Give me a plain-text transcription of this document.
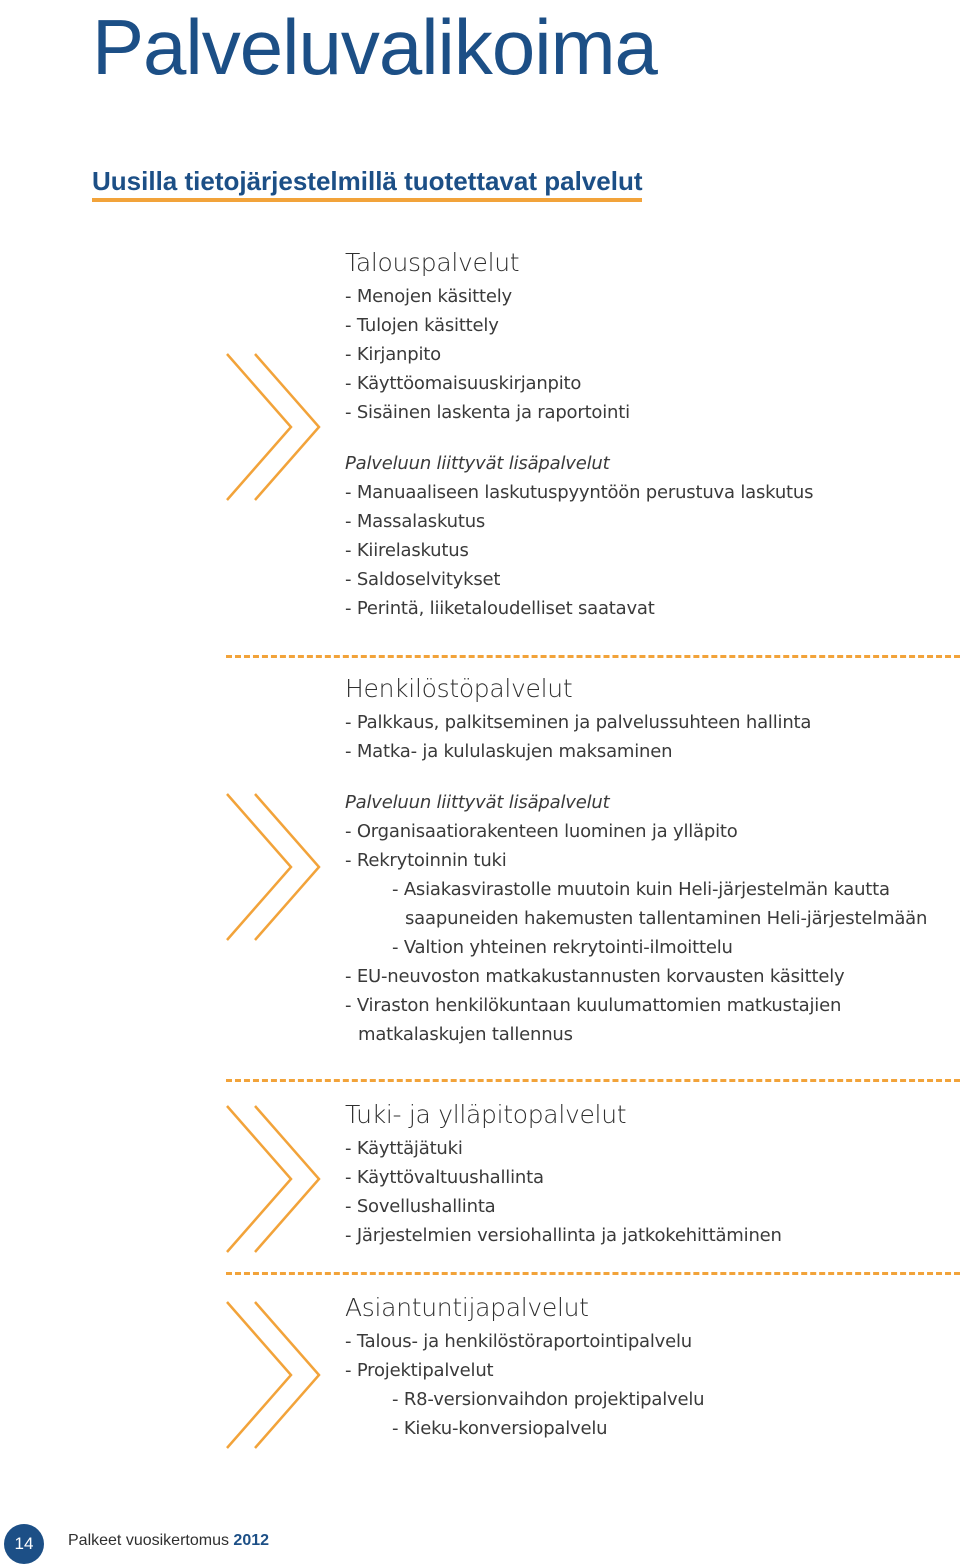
Palveluvalikoima
Uusilla tietojärjestelmillä tuotettavat palvelut
Talouspalvelut
- Menojen käsittely
- Tulojen käsittely
- Kirjanpito
- Käyttöomaisuuskirjanpito
- Sisäinen laskenta ja raportointi
Palveluun liittyvät lisäpalvelut
- Manuaaliseen laskutuspyyntöön perustuva laskutus
- Massalaskutus
- Kiirelaskutus
- Saldoselvitykset
- Perintä, liiketaloudelliset saatavat
Henkilöstöpalvelut
- Palkkaus, palkitseminen ja palvelussuhteen hallinta
- Matka- ja kululaskujen maksaminen
Palveluun liittyvät lisäpalvelut
- Organisaatiorakenteen luominen ja ylläpito
- Rekrytoinnin tuki
- Asiakasvirastolle muutoin kuin Heli-järjestelmän kautta
saapuneiden hakemusten tallentaminen Heli-järjestelmään
- Valtion yhteinen rekrytointi-ilmoittelu
- EU-neuvoston matkakustannusten korvausten käsittely
- Viraston henkilökuntaan kuulumattomien matkustajien
matkalaskujen tallennus
Tuki- ja ylläpitopalvelut
- Käyttäjätuki
- Käyttövaltuushallinta
- Sovellushallinta
- Järjestelmien versiohallinta ja jatkokehittäminen
Asiantuntijapalvelut
- Talous- ja henkilöstöraportointipalvelu
- Projektipalvelut
- R8-versionvaihdon projektipalvelu
- Kieku-konversiopalvelu
14	Palkeet vuosikertomus 2012
